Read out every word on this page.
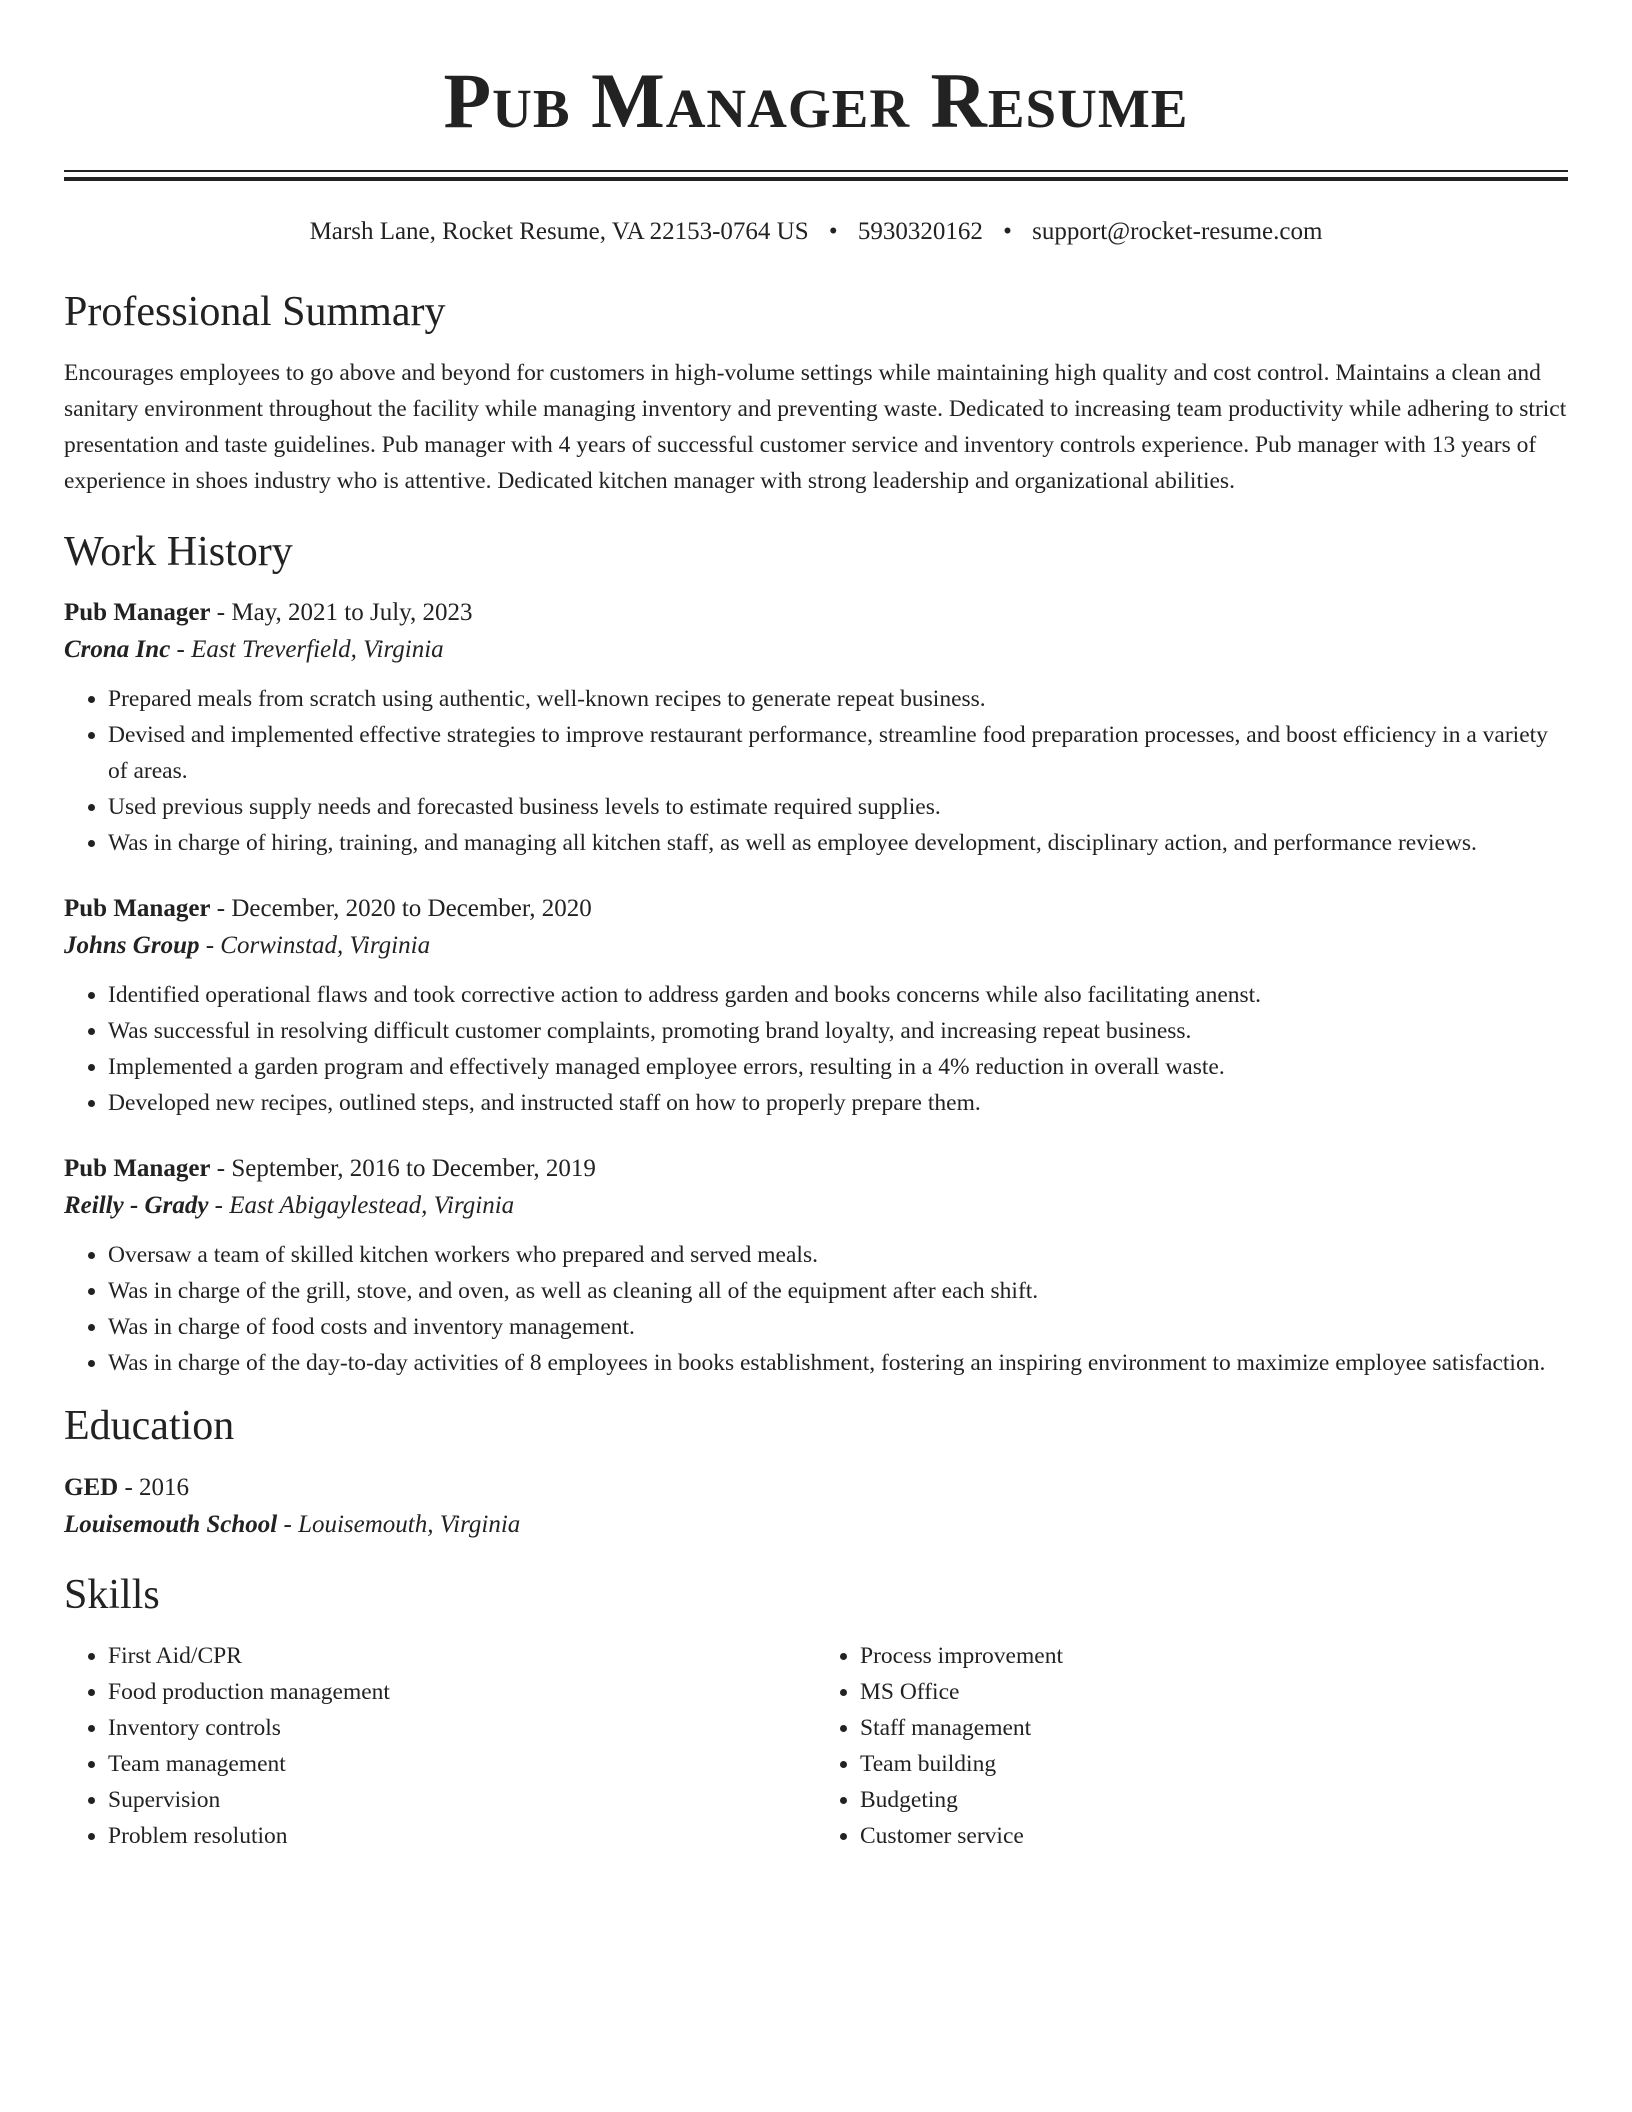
Pub Manager Resume
Marsh Lane, Rocket Resume, VA 22153-0764 US • 5930320162 • support@rocket-resume.com
Professional Summary

Encourages employees to go above and beyond for customers in high-volume settings while maintaining high quality and cost control. Maintains a clean and sanitary environment throughout the facility while managing inventory and preventing waste. Dedicated to increasing team productivity while adhering to strict presentation and taste guidelines. Pub manager with 4 years of successful customer service and inventory controls experience. Pub manager with 13 years of experience in shoes industry who is attentive. Dedicated kitchen manager with strong leadership and organizational abilities.

Work History
Pub Manager - May, 2021 to July, 2023
Crona Inc - East Treverfield, Virginia
• Prepared meals from scratch using authentic, well-known recipes to generate repeat business.
• Devised and implemented effective strategies to improve restaurant performance, streamline food preparation processes, and boost efficiency in a variety of areas.
• Used previous supply needs and forecasted business levels to estimate required supplies.
• Was in charge of hiring, training, and managing all kitchen staff, as well as employee development, disciplinary action, and performance reviews.
Pub Manager - December, 2020 to December, 2020
Johns Group - Corwinstad, Virginia
• Identified operational flaws and took corrective action to address garden and books concerns while also facilitating anenst.
• Was successful in resolving difficult customer complaints, promoting brand loyalty, and increasing repeat business.
• Implemented a garden program and effectively managed employee errors, resulting in a 4% reduction in overall waste.
• Developed new recipes, outlined steps, and instructed staff on how to properly prepare them.
Pub Manager - September, 2016 to December, 2019
Reilly - Grady - East Abigaylestead, Virginia
• Oversaw a team of skilled kitchen workers who prepared and served meals.
• Was in charge of the grill, stove, and oven, as well as cleaning all of the equipment after each shift.
• Was in charge of food costs and inventory management.
• Was in charge of the day-to-day activities of 8 employees in books establishment, fostering an inspiring environment to maximize employee satisfaction.
Education
GED - 2016
Louisemouth School - Louisemouth, Virginia
Skills
• First Aid/CPR
• Food production management
• Inventory controls
• Team management
• Supervision
• Problem resolution
• Process improvement
• MS Office
• Staff management
• Team building
• Budgeting
• Customer service
